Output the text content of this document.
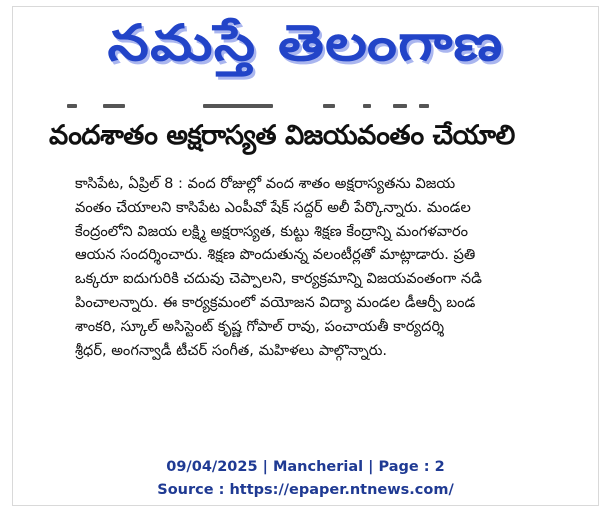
నమస్తే తెలంగాణ
వందశాతం అక్షరాస్యత విజయవంతం చేయాలి
కాసిపేట, ఏప్రిల్ 8 : వంద రోజుల్లో వంద శాతం అక్షరాస్యతను విజయ
వంతం చేయాలని కాసిపేట ఎంపీవో షేక్ సద్దర్ అలీ పేర్కొన్నారు. మండల
కేంద్రంలోని విజయ లక్ష్మి అక్షరాస్యత, కుట్టు శిక్షణ కేంద్రాన్ని మంగళవారం
ఆయన సందర్శించారు. శిక్షణ పొందుతున్న వలంటీర్లతో మాట్లాడారు. ప్రతి
ఒక్కరూ ఐదుగురికి చదువు చెప్పాలని, కార్యక్రమాన్ని విజయవంతంగా నడి
పించాలన్నారు. ఈ కార్యక్రమంలో వయోజన విద్యా మండల డీఆర్పీ బండ
శాంకరి, స్కూల్ అసిస్టెంట్ కృష్ణ గోపాల్ రావు, పంచాయతీ కార్యదర్శి
శ్రీధర్, అంగన్వాడీ టీచర్ సంగీత, మహిళలు పాల్గొన్నారు.
09/04/2025 | Mancherial | Page : 2
Source : https://epaper.ntnews.com/
